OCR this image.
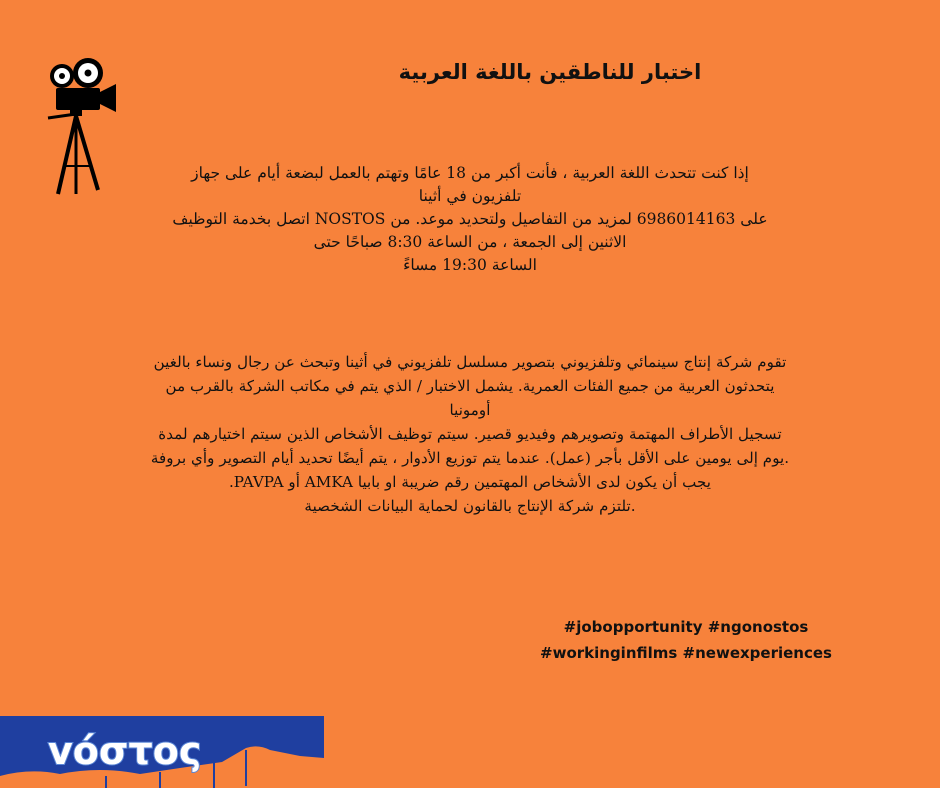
اختبار للناطقين باللغة العربية
إذا كنت تتحدث اللغة العربية ، فأنت أكبر من 18 عامًا وتهتم بالعمل لبضعة أيام على جهاز
تلفزيون في أثينا
على 6986014163 لمزيد من التفاصيل ولتحديد موعد. من NOSTOS اتصل بخدمة التوظيف
الاثنين إلى الجمعة ، من الساعة 8:30 صباحًا حتى
الساعة 19:30 مساءً
تقوم شركة إنتاج سينمائي وتلفزيوني بتصوير مسلسل تلفزيوني في أثينا وتبحث عن رجال ونساء بالغين
يتحدثون العربية من جميع الفئات العمرية. يشمل الاختبار / الذي يتم في مكاتب الشركة بالقرب من
أومونيا
تسجيل الأطراف المهتمة وتصويرهم وفيديو قصير. سيتم توظيف الأشخاص الذين سيتم اختيارهم لمدة
.يوم إلى يومين على الأقل بأجر (عمل). عندما يتم توزيع الأدوار ، يتم أيضًا تحديد أيام التصوير وأي بروفة
يجب أن يكون لدى الأشخاص المهتمين رقم ضريبة او بابيا AMKA أو PAVPA.
.تلتزم شركة الإنتاج بالقانون لحماية البيانات الشخصية
#jobopportunity #ngonostos
#workinginfilms #newexperiences
vóστος
